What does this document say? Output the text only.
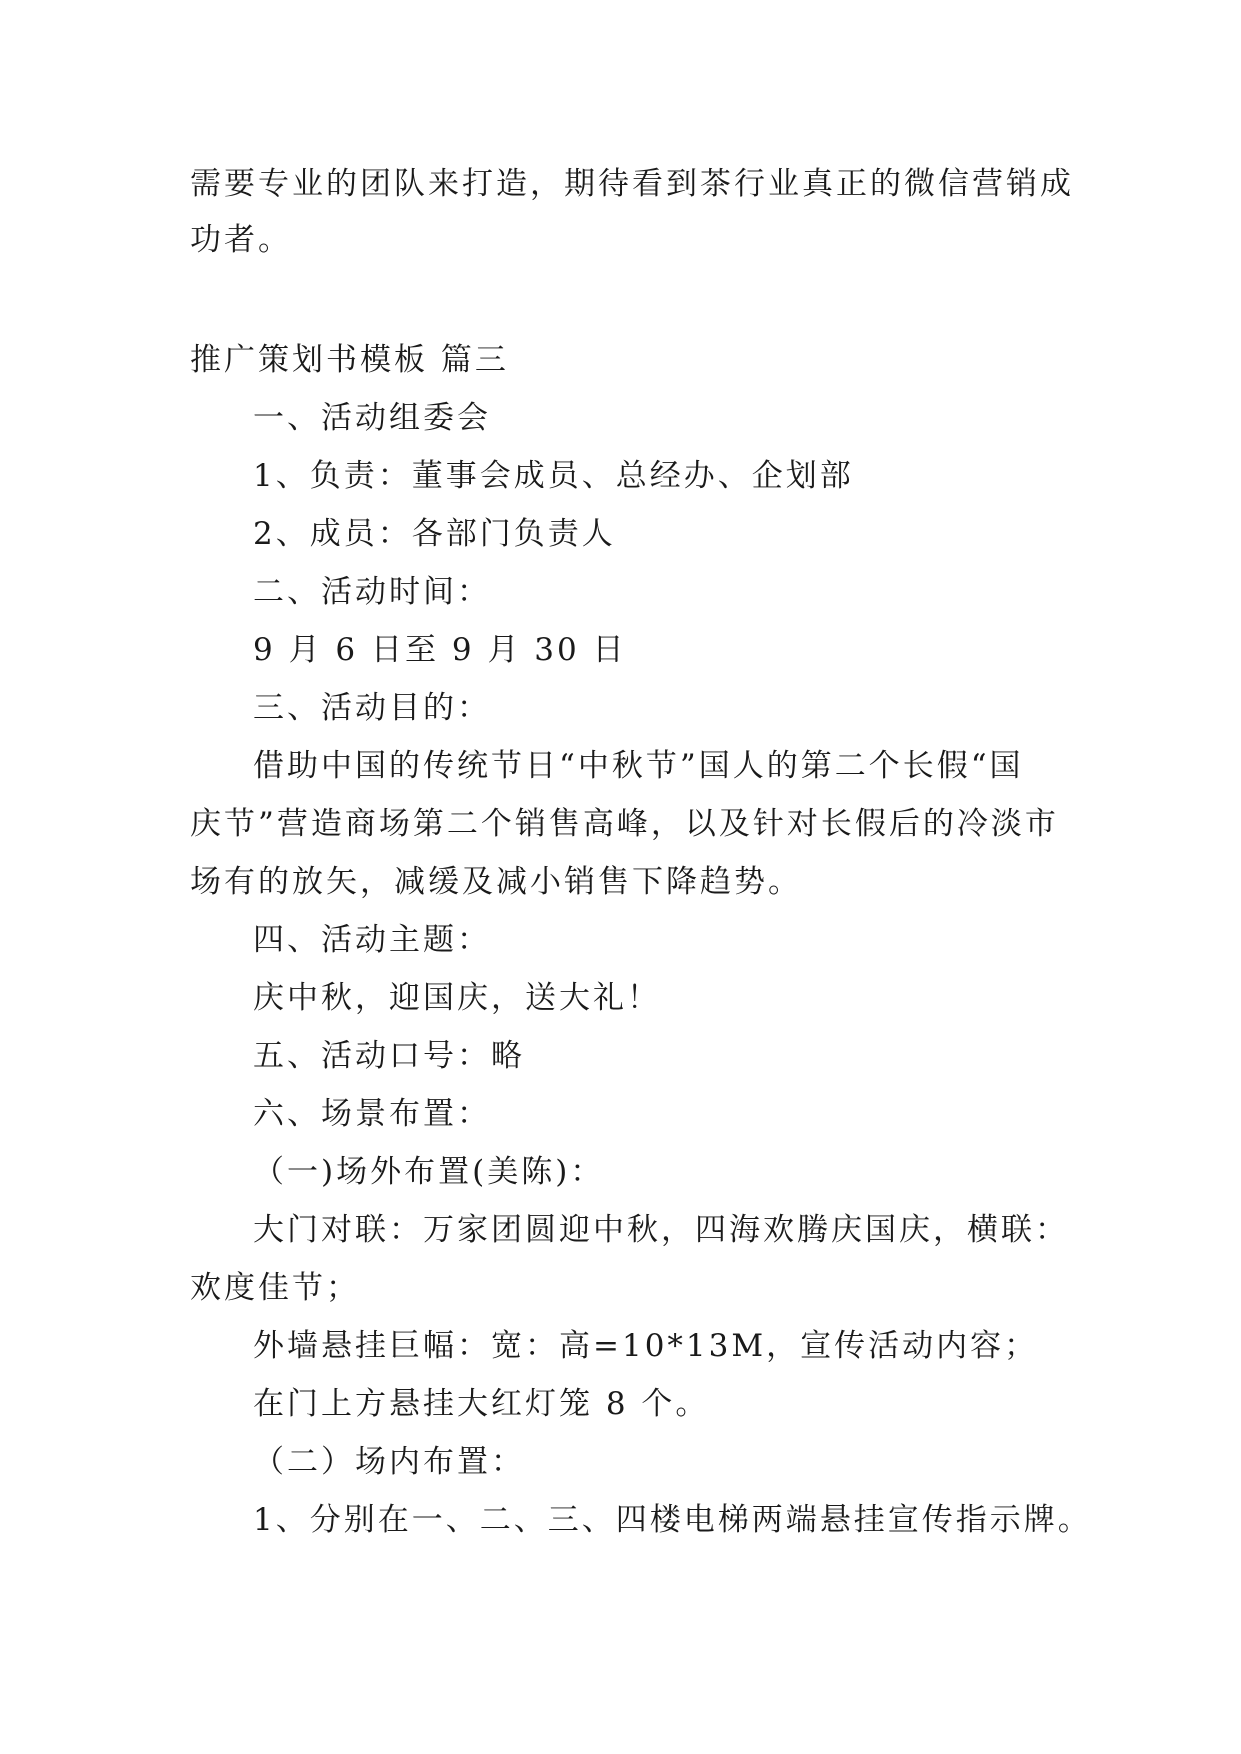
需要专业的团队来打造，期待看到茶行业真正的微信营销成
功者。
推广策划书模板 篇三
一、活动组委会
1、负责：董事会成员、总经办、企划部
2、成员：各部门负责人
二、活动时间：
9 月 6 日至 9 月 30 日
三、活动目的：
借助中国的传统节日“中秋节”国人的第二个长假“国
庆节”营造商场第二个销售高峰，以及针对长假后的冷淡市
场有的放矢，减缓及减小销售下降趋势。
四、活动主题：
庆中秋，迎国庆，送大礼！
五、活动口号：略
六、场景布置：
（一)场外布置(美陈)：
大门对联：万家团圆迎中秋，四海欢腾庆国庆，横联：
欢度佳节；
外墙悬挂巨幅：宽：高=10*13M，宣传活动内容；
在门上方悬挂大红灯笼 8 个。
（二）场内布置：
1、分别在一、二、三、四楼电梯两端悬挂宣传指示牌。
